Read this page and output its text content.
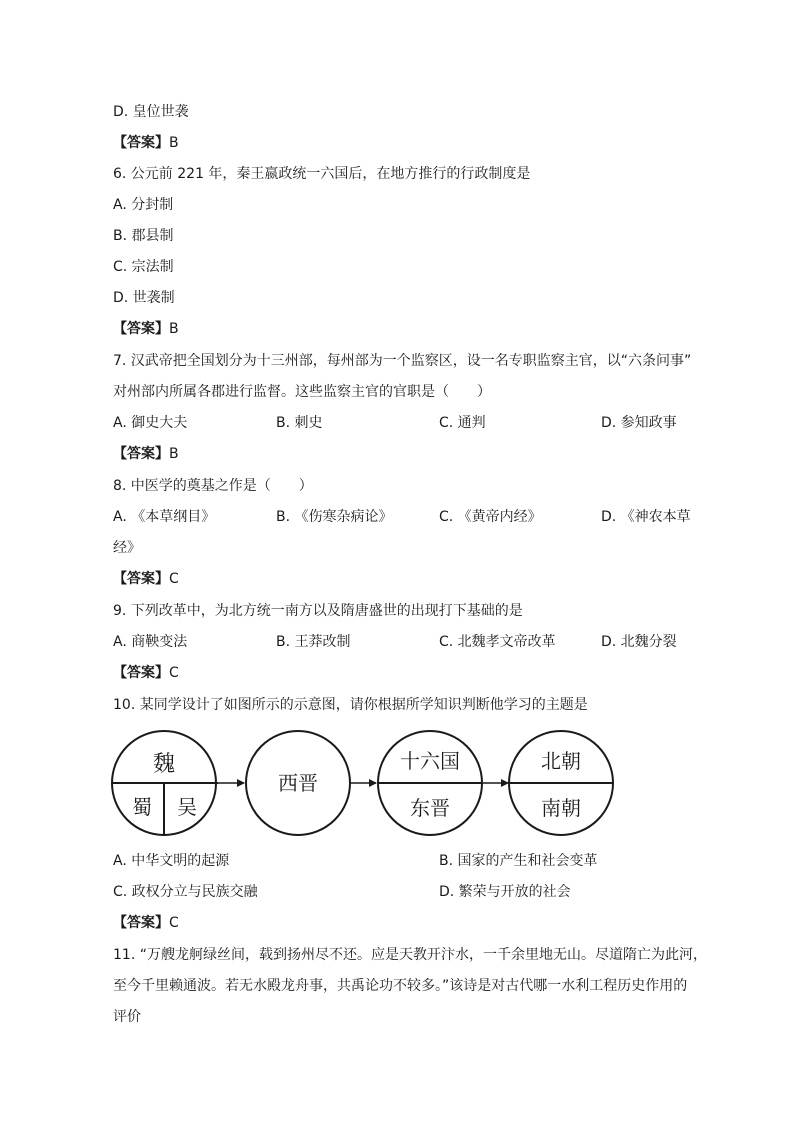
D. 皇位世袭
【答案】B
6. 公元前 221 年，秦王嬴政统一六国后，在地方推行的行政制度是
A. 分封制
B. 郡县制
C. 宗法制
D. 世袭制
【答案】B
7. 汉武帝把全国划分为十三州部，每州部为一个监察区，设一名专职监察主官，以“六条问事”
对州部内所属各郡进行监督。这些监察主官的官职是（　　）
A. 御史大夫	B. 刺史	C. 通判	D. 参知政事
【答案】B
8. 中医学的奠基之作是（　　）
A. 《本草纲目》	B. 《伤寒杂病论》	C. 《黄帝内经》	D. 《神农本草
经》
【答案】C
9. 下列改革中，为北方统一南方以及隋唐盛世的出现打下基础的是
A. 商鞅变法	B. 王莽改制	C. 北魏孝文帝改革	D. 北魏分裂
【答案】C
10. 某同学设计了如图所示的示意图，请你根据所学知识判断他学习的主题是
魏
蜀 吴
西晋
十六国
东晋
北朝
南朝
A. 中华文明的起源	B. 国家的产生和社会变革
C. 政权分立与民族交融	D. 繁荣与开放的社会
【答案】C
11. “万艘龙舸绿丝间，载到扬州尽不还。应是天教开汴水，一千余里地无山。尽道隋亡为此河，
至今千里赖通波。若无水殿龙舟事，共禹论功不较多。”该诗是对古代哪一水利工程历史作用的
评价
